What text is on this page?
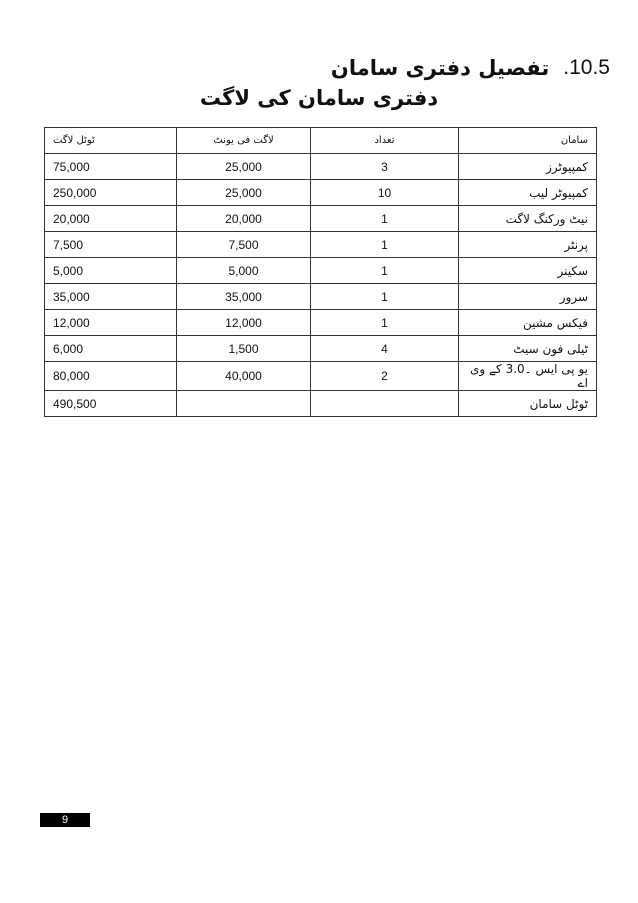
.10.5
تفصیل دفتری سامان
دفتری سامان کی لاگت
ٹوٹل لاگت	لاگت فی یونٹ	تعداد	سامان
75,000	25,000	3	کمپیوٹرز
250,000	25,000	10	کمپیوٹر لیب
20,000	20,000	1	نیٹ ورکنگ لاگت
7,500	7,500	1	پرنٹر
5,000	5,000	1	سکینر
35,000	35,000	1	سرور
12,000	12,000	1	فیکس مشین
6,000	1,500	4	ٹیلی فون سیٹ
80,000	40,000	2	یو پی ایس ۔3.0 کے وی اے
490,500			ٹوٹل سامان
9
